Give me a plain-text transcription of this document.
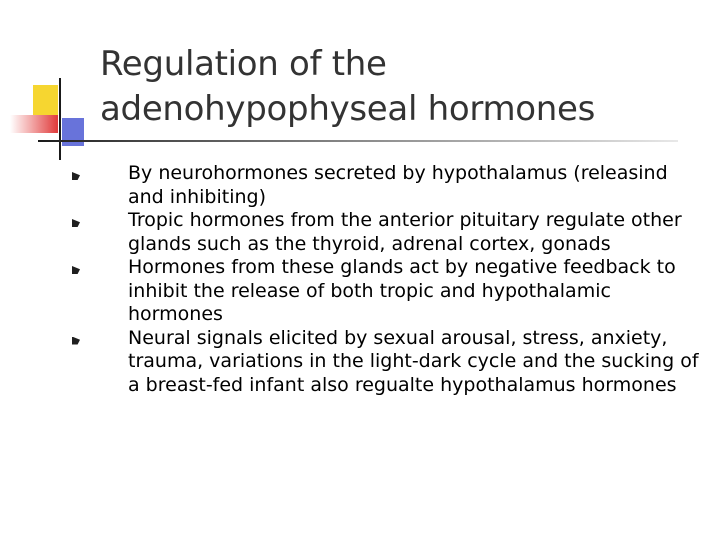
Regulation of the
adenohypophyseal hormones
By neurohormones secreted by hypothalamus (releasind and inhibiting)
Tropic hormones from the anterior pituitary regulate other glands such as the thyroid, adrenal cortex, gonads
Hormones from these glands act by negative feedback to inhibit the release of both tropic and hypothalamic hormones
Neural signals elicited by sexual arousal, stress, anxiety, trauma, variations in the light-dark cycle and the sucking of a breast-fed infant also regualte hypothalamus hormones
